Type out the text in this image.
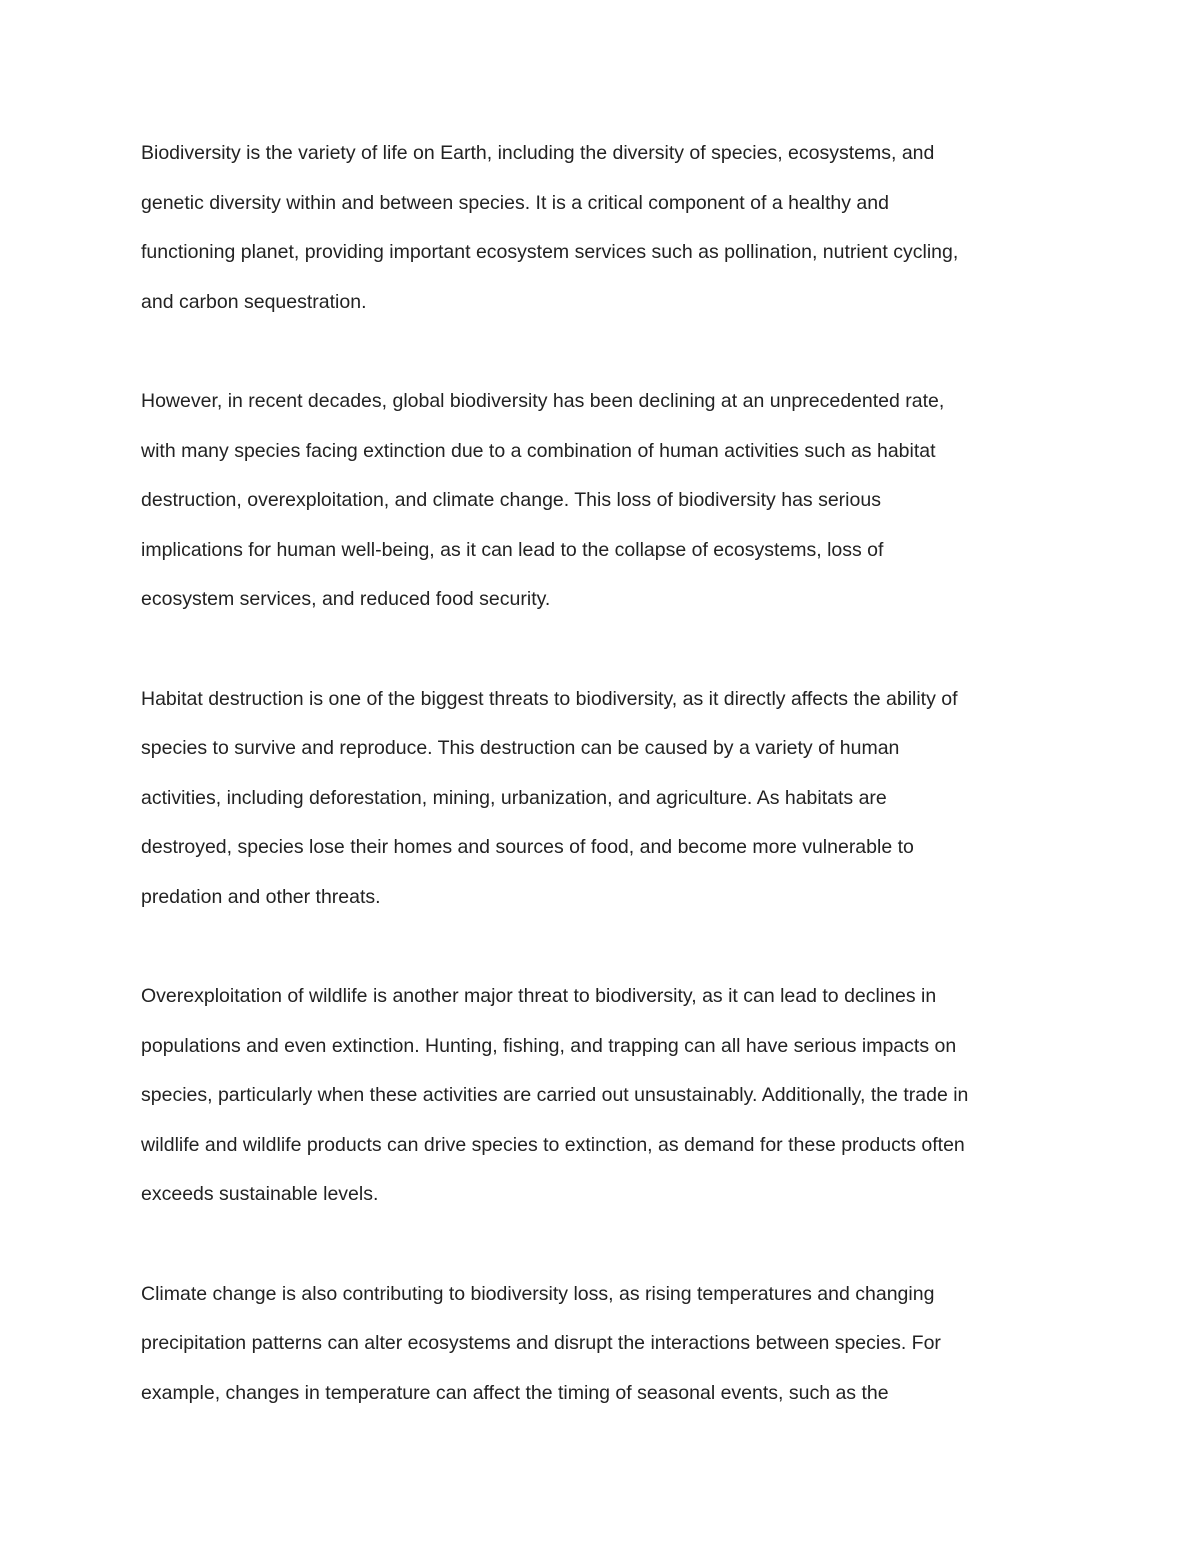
Biodiversity is the variety of life on Earth, including the diversity of species, ecosystems, and
genetic diversity within and between species. It is a critical component of a healthy and
functioning planet, providing important ecosystem services such as pollination, nutrient cycling,
and carbon sequestration.
However, in recent decades, global biodiversity has been declining at an unprecedented rate,
with many species facing extinction due to a combination of human activities such as habitat
destruction, overexploitation, and climate change. This loss of biodiversity has serious
implications for human well-being, as it can lead to the collapse of ecosystems, loss of
ecosystem services, and reduced food security.
Habitat destruction is one of the biggest threats to biodiversity, as it directly affects the ability of
species to survive and reproduce. This destruction can be caused by a variety of human
activities, including deforestation, mining, urbanization, and agriculture. As habitats are
destroyed, species lose their homes and sources of food, and become more vulnerable to
predation and other threats.
Overexploitation of wildlife is another major threat to biodiversity, as it can lead to declines in
populations and even extinction. Hunting, fishing, and trapping can all have serious impacts on
species, particularly when these activities are carried out unsustainably. Additionally, the trade in
wildlife and wildlife products can drive species to extinction, as demand for these products often
exceeds sustainable levels.
Climate change is also contributing to biodiversity loss, as rising temperatures and changing
precipitation patterns can alter ecosystems and disrupt the interactions between species. For
example, changes in temperature can affect the timing of seasonal events, such as the
